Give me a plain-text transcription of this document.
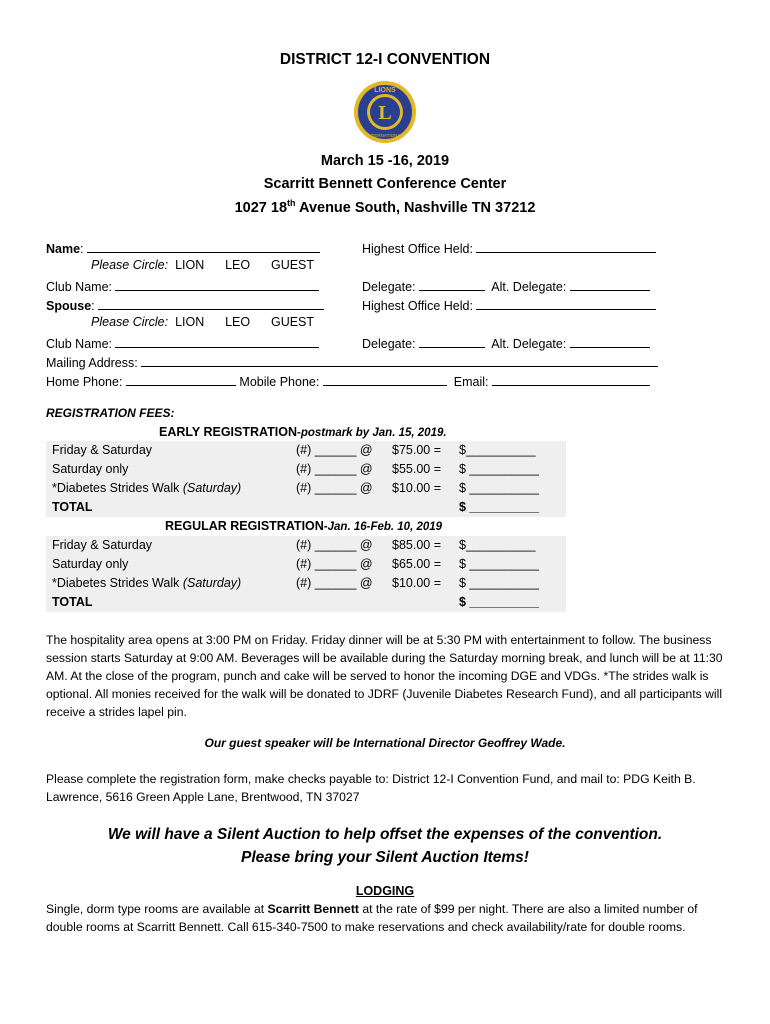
DISTRICT 12-I CONVENTION
L
LIONS
INTERNATIONAL
March 15 -16, 2019
Scarritt Bennett Conference Center
1027 18th Avenue South, Nashville TN 37212
Name:	Highest Office Held:
Please Circle: LION LEO GUEST
Club Name:	Delegate:	Alt. Delegate:
Spouse:	Highest Office Held:
Please Circle: LION LEO GUEST
Club Name:	Delegate:	Alt. Delegate:
Mailing Address:
Home Phone:	Mobile Phone:	Email:
REGISTRATION FEES:
EARLY REGISTRATION-postmark by Jan. 15, 2019.
Friday & Saturday	(#) ______ @ $75.00 = $__________
Saturday only	(#) ______ @ $55.00 = $ __________
*Diabetes Strides Walk (Saturday)	(#) ______ @ $10.00 = $ __________
TOTAL	$ __________
REGULAR REGISTRATION-Jan. 16-Feb. 10, 2019
Friday & Saturday	(#) ______ @ $85.00 = $__________
Saturday only	(#) ______ @ $65.00 = $ __________
*Diabetes Strides Walk (Saturday)	(#) ______ @ $10.00 = $ __________
TOTAL	$ __________
The hospitality area opens at 3:00 PM on Friday. Friday dinner will be at 5:30 PM with entertainment to follow. The business session starts Saturday at 9:00 AM. Beverages will be available during the Saturday morning break, and lunch will be at 11:30 AM. At the close of the program, punch and cake will be served to honor the incoming DGE and VDGs. *The strides walk is optional. All monies received for the walk will be donated to JDRF (Juvenile Diabetes Research Fund), and all participants will receive a strides lapel pin.
Our guest speaker will be International Director Geoffrey Wade.
Please complete the registration form, make checks payable to: District 12-I Convention Fund, and mail to: PDG Keith B. Lawrence, 5616 Green Apple Lane, Brentwood, TN 37027
We will have a Silent Auction to help offset the expenses of the convention.
Please bring your Silent Auction Items!
LODGING
Single, dorm type rooms are available at Scarritt Bennett at the rate of $99 per night. There are also a limited number of double rooms at Scarritt Bennett. Call 615-340-7500 to make reservations and check availability/rate for double rooms.
